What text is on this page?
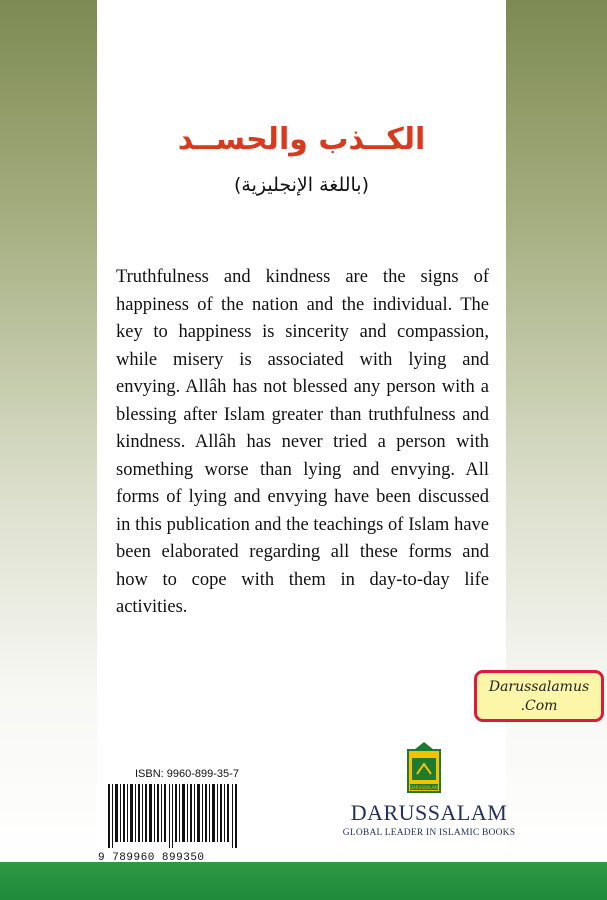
الكــذب والحســد
(باللغة الإنجليزية)
Truthfulness and kindness are the signs of happiness of the nation and the individual. The key to happiness is sincerity and compassion, while misery is associated with lying and envying. Allâh has not blessed any person with a blessing after Islam greater than truthfulness and kindness. Allâh has never tried a person with something worse than lying and envying. All forms of lying and envying have been discussed in this publication and the teachings of Islam have been elaborated regarding all these forms and how to cope with them in day-to-day life activities.
Darussalamus
.Com
ISBN: 9960-899-35-7
9 789960 899350
DARUSSALAM
DARUSSALAM
GLOBAL LEADER IN ISLAMIC BOOKS
